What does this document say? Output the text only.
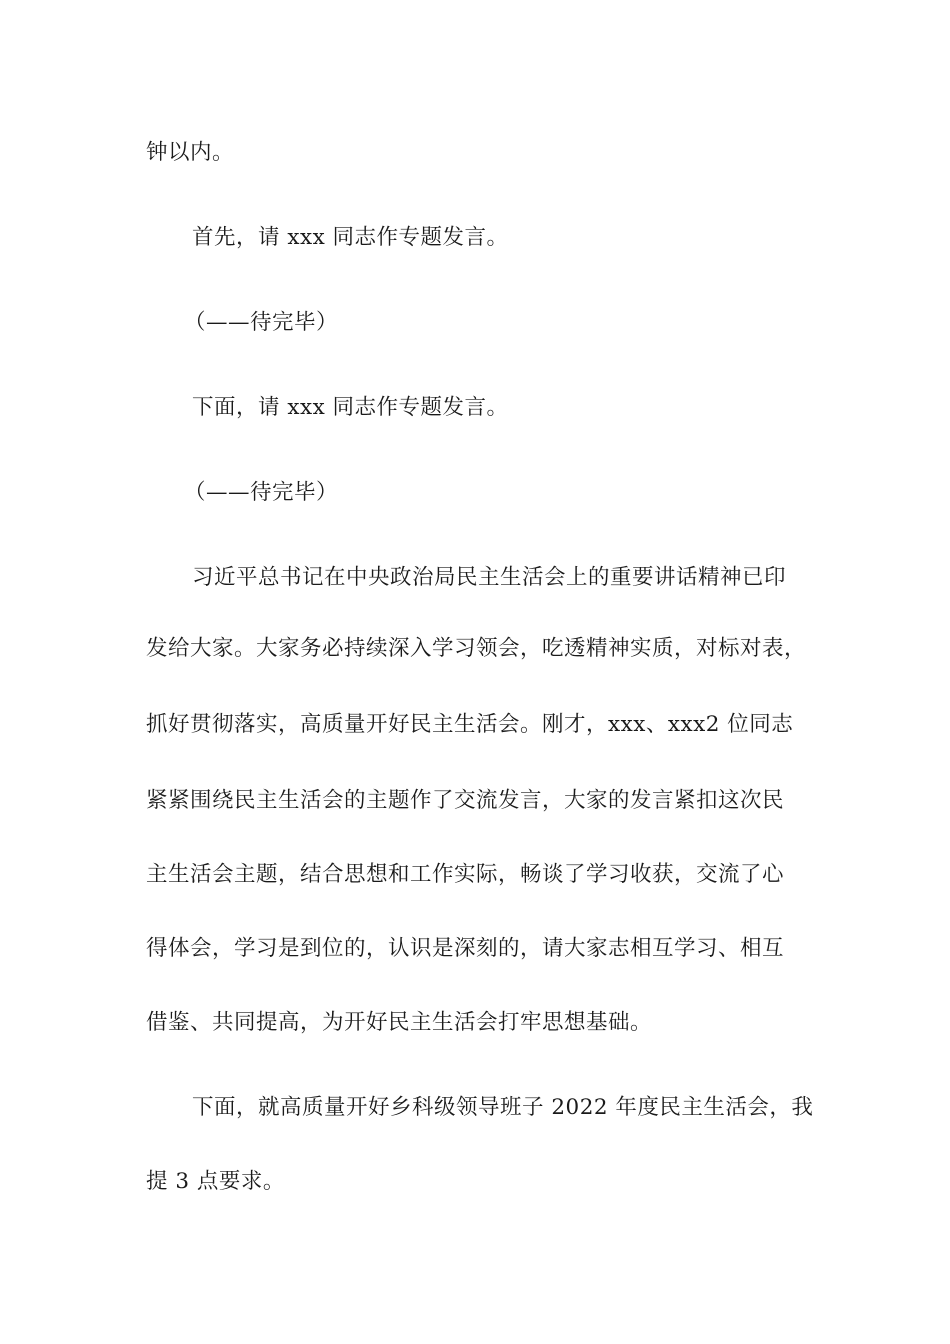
钟以内。
首先，请 xxx 同志作专题发言。
（——待完毕）
下面，请 xxx 同志作专题发言。
（——待完毕）
习近平总书记在中央政治局民主生活会上的重要讲话精神已印
发给大家。大家务必持续深入学习领会，吃透精神实质，对标对表，
抓好贯彻落实，高质量开好民主生活会。刚才，xxx、xxx2 位同志
紧紧围绕民主生活会的主题作了交流发言，大家的发言紧扣这次民
主生活会主题，结合思想和工作实际，畅谈了学习收获，交流了心
得体会，学习是到位的，认识是深刻的，请大家志相互学习、相互
借鉴、共同提高，为开好民主生活会打牢思想基础。
下面，就高质量开好乡科级领导班子 2022 年度民主生活会，我
提 3 点要求。
